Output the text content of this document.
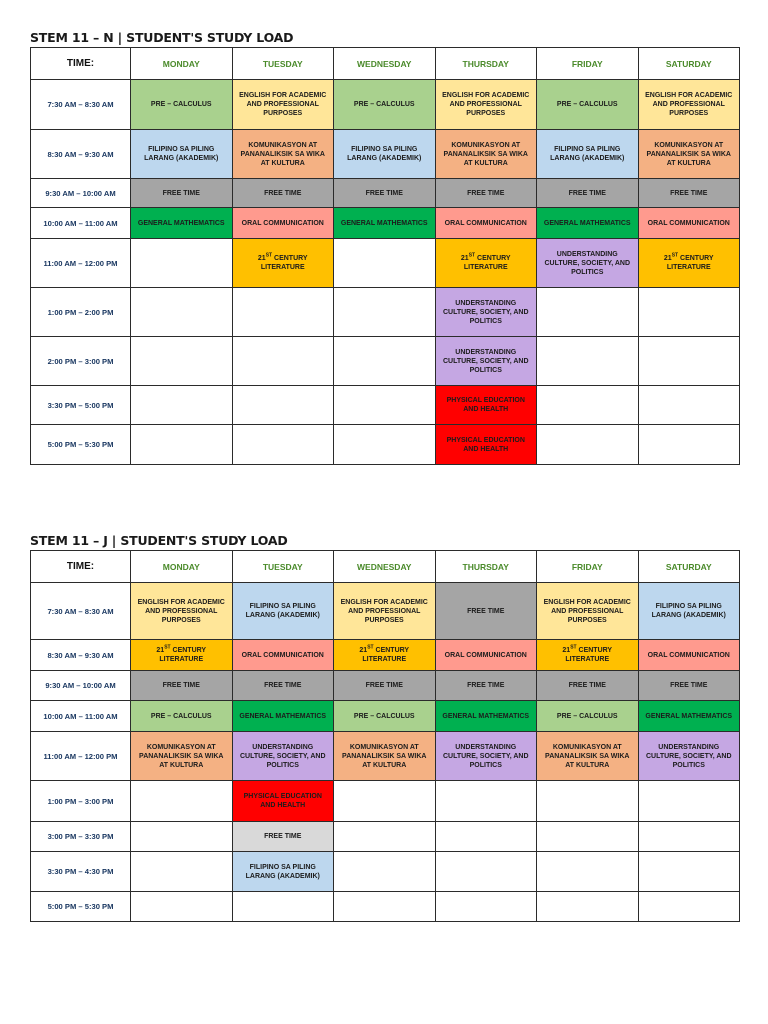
STEM 11 – N | STUDENT'S STUDY LOAD
TIME:	MONDAY	TUESDAY	WEDNESDAY	THURSDAY	FRIDAY	SATURDAY
7:30 AM – 8:30 AM	PRE – CALCULUS	ENGLISH FOR ACADEMIC AND PROFESSIONAL PURPOSES	PRE – CALCULUS	ENGLISH FOR ACADEMIC AND PROFESSIONAL PURPOSES	PRE – CALCULUS	ENGLISH FOR ACADEMIC AND PROFESSIONAL PURPOSES
8:30 AM – 9:30 AM	FILIPINO SA PILING LARANG (AKADEMIK)	KOMUNIKASYON AT PANANALIKSIK SA WIKA AT KULTURA	FILIPINO SA PILING LARANG (AKADEMIK)	KOMUNIKASYON AT PANANALIKSIK SA WIKA AT KULTURA	FILIPINO SA PILING LARANG (AKADEMIK)	KOMUNIKASYON AT PANANALIKSIK SA WIKA AT KULTURA
9:30 AM – 10:00 AM	FREE TIME	FREE TIME	FREE TIME	FREE TIME	FREE TIME	FREE TIME
10:00 AM – 11:00 AM	GENERAL MATHEMATICS	ORAL COMMUNICATION	GENERAL MATHEMATICS	ORAL COMMUNICATION	GENERAL MATHEMATICS	ORAL COMMUNICATION
11:00 AM – 12:00 PM		21ST CENTURY LITERATURE		21ST CENTURY LITERATURE	UNDERSTANDING CULTURE, SOCIETY, AND POLITICS	21ST CENTURY LITERATURE
1:00 PM – 2:00 PM				UNDERSTANDING CULTURE, SOCIETY, AND POLITICS		
2:00 PM – 3:00 PM				UNDERSTANDING CULTURE, SOCIETY, AND POLITICS		
3:30 PM – 5:00 PM				PHYSICAL EDUCATION AND HEALTH		
5:00 PM – 5:30 PM				PHYSICAL EDUCATION AND HEALTH		
STEM 11 – J | STUDENT'S STUDY LOAD
TIME:	MONDAY	TUESDAY	WEDNESDAY	THURSDAY	FRIDAY	SATURDAY
7:30 AM – 8:30 AM	ENGLISH FOR ACADEMIC AND PROFESSIONAL PURPOSES	FILIPINO SA PILING LARANG (AKADEMIK)	ENGLISH FOR ACADEMIC AND PROFESSIONAL PURPOSES	FREE TIME	ENGLISH FOR ACADEMIC AND PROFESSIONAL PURPOSES	FILIPINO SA PILING LARANG (AKADEMIK)
8:30 AM – 9:30 AM	21ST CENTURY LITERATURE	ORAL COMMUNICATION	21ST CENTURY LITERATURE	ORAL COMMUNICATION	21ST CENTURY LITERATURE	ORAL COMMUNICATION
9:30 AM – 10:00 AM	FREE TIME	FREE TIME	FREE TIME	FREE TIME	FREE TIME	FREE TIME
10:00 AM – 11:00 AM	PRE – CALCULUS	GENERAL MATHEMATICS	PRE – CALCULUS	GENERAL MATHEMATICS	PRE – CALCULUS	GENERAL MATHEMATICS
11:00 AM – 12:00 PM	KOMUNIKASYON AT PANANALIKSIK SA WIKA AT KULTURA	UNDERSTANDING CULTURE, SOCIETY, AND POLITICS	KOMUNIKASYON AT PANANALIKSIK SA WIKA AT KULTURA	UNDERSTANDING CULTURE, SOCIETY, AND POLITICS	KOMUNIKASYON AT PANANALIKSIK SA WIKA AT KULTURA	UNDERSTANDING CULTURE, SOCIETY, AND POLITICS
1:00 PM – 3:00 PM		PHYSICAL EDUCATION AND HEALTH				
3:00 PM – 3:30 PM		FREE TIME				
3:30 PM – 4:30 PM		FILIPINO SA PILING LARANG (AKADEMIK)				
5:00 PM – 5:30 PM						
